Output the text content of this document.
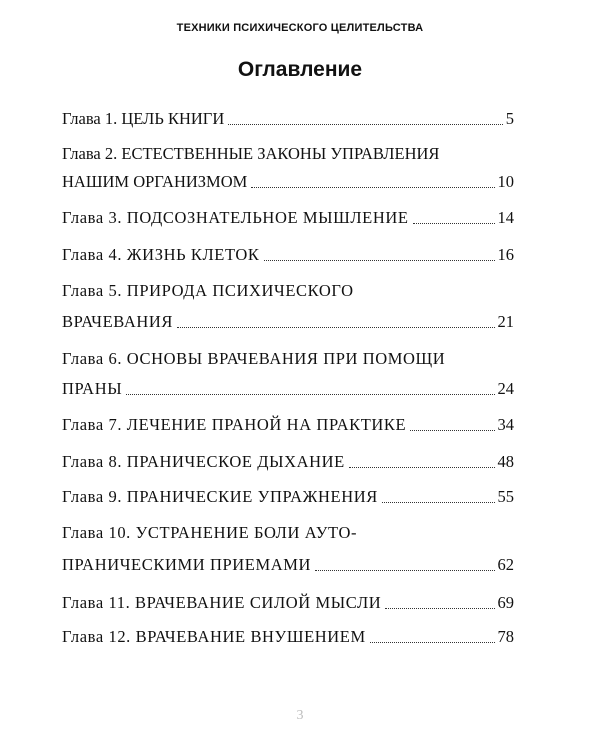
ТЕХНИКИ ПСИХИЧЕСКОГО ЦЕЛИТЕЛЬСТВА
Оглавление
Глава 1. ЦЕЛЬ КНИГИ	5
Глава 2. ЕСТЕСТВЕННЫЕ ЗАКОНЫ УПРАВЛЕНИЯ
НАШИМ ОРГАНИЗМОМ	10
Глава 3. ПОДСОЗНАТЕЛЬНОЕ МЫШЛЕНИЕ	14
Глава 4. ЖИЗНЬ КЛЕТОК	16
Глава 5. ПРИРОДА ПСИХИЧЕСКОГО
ВРАЧЕВАНИЯ	21
Глава 6. ОСНОВЫ ВРАЧЕВАНИЯ ПРИ ПОМОЩИ
ПРАНЫ	24
Глава 7. ЛЕЧЕНИЕ ПРАНОЙ НА ПРАКТИКЕ	34
Глава 8. ПРАНИЧЕСКОЕ ДЫХАНИЕ	48
Глава 9. ПРАНИЧЕСКИЕ УПРАЖНЕНИЯ	55
Глава 10. УСТРАНЕНИЕ БОЛИ АУТО-
ПРАНИЧЕСКИМИ ПРИЕМАМИ	62
Глава 11. ВРАЧЕВАНИЕ СИЛОЙ МЫСЛИ	69
Глава 12. ВРАЧЕВАНИЕ ВНУШЕНИЕМ	78
3
